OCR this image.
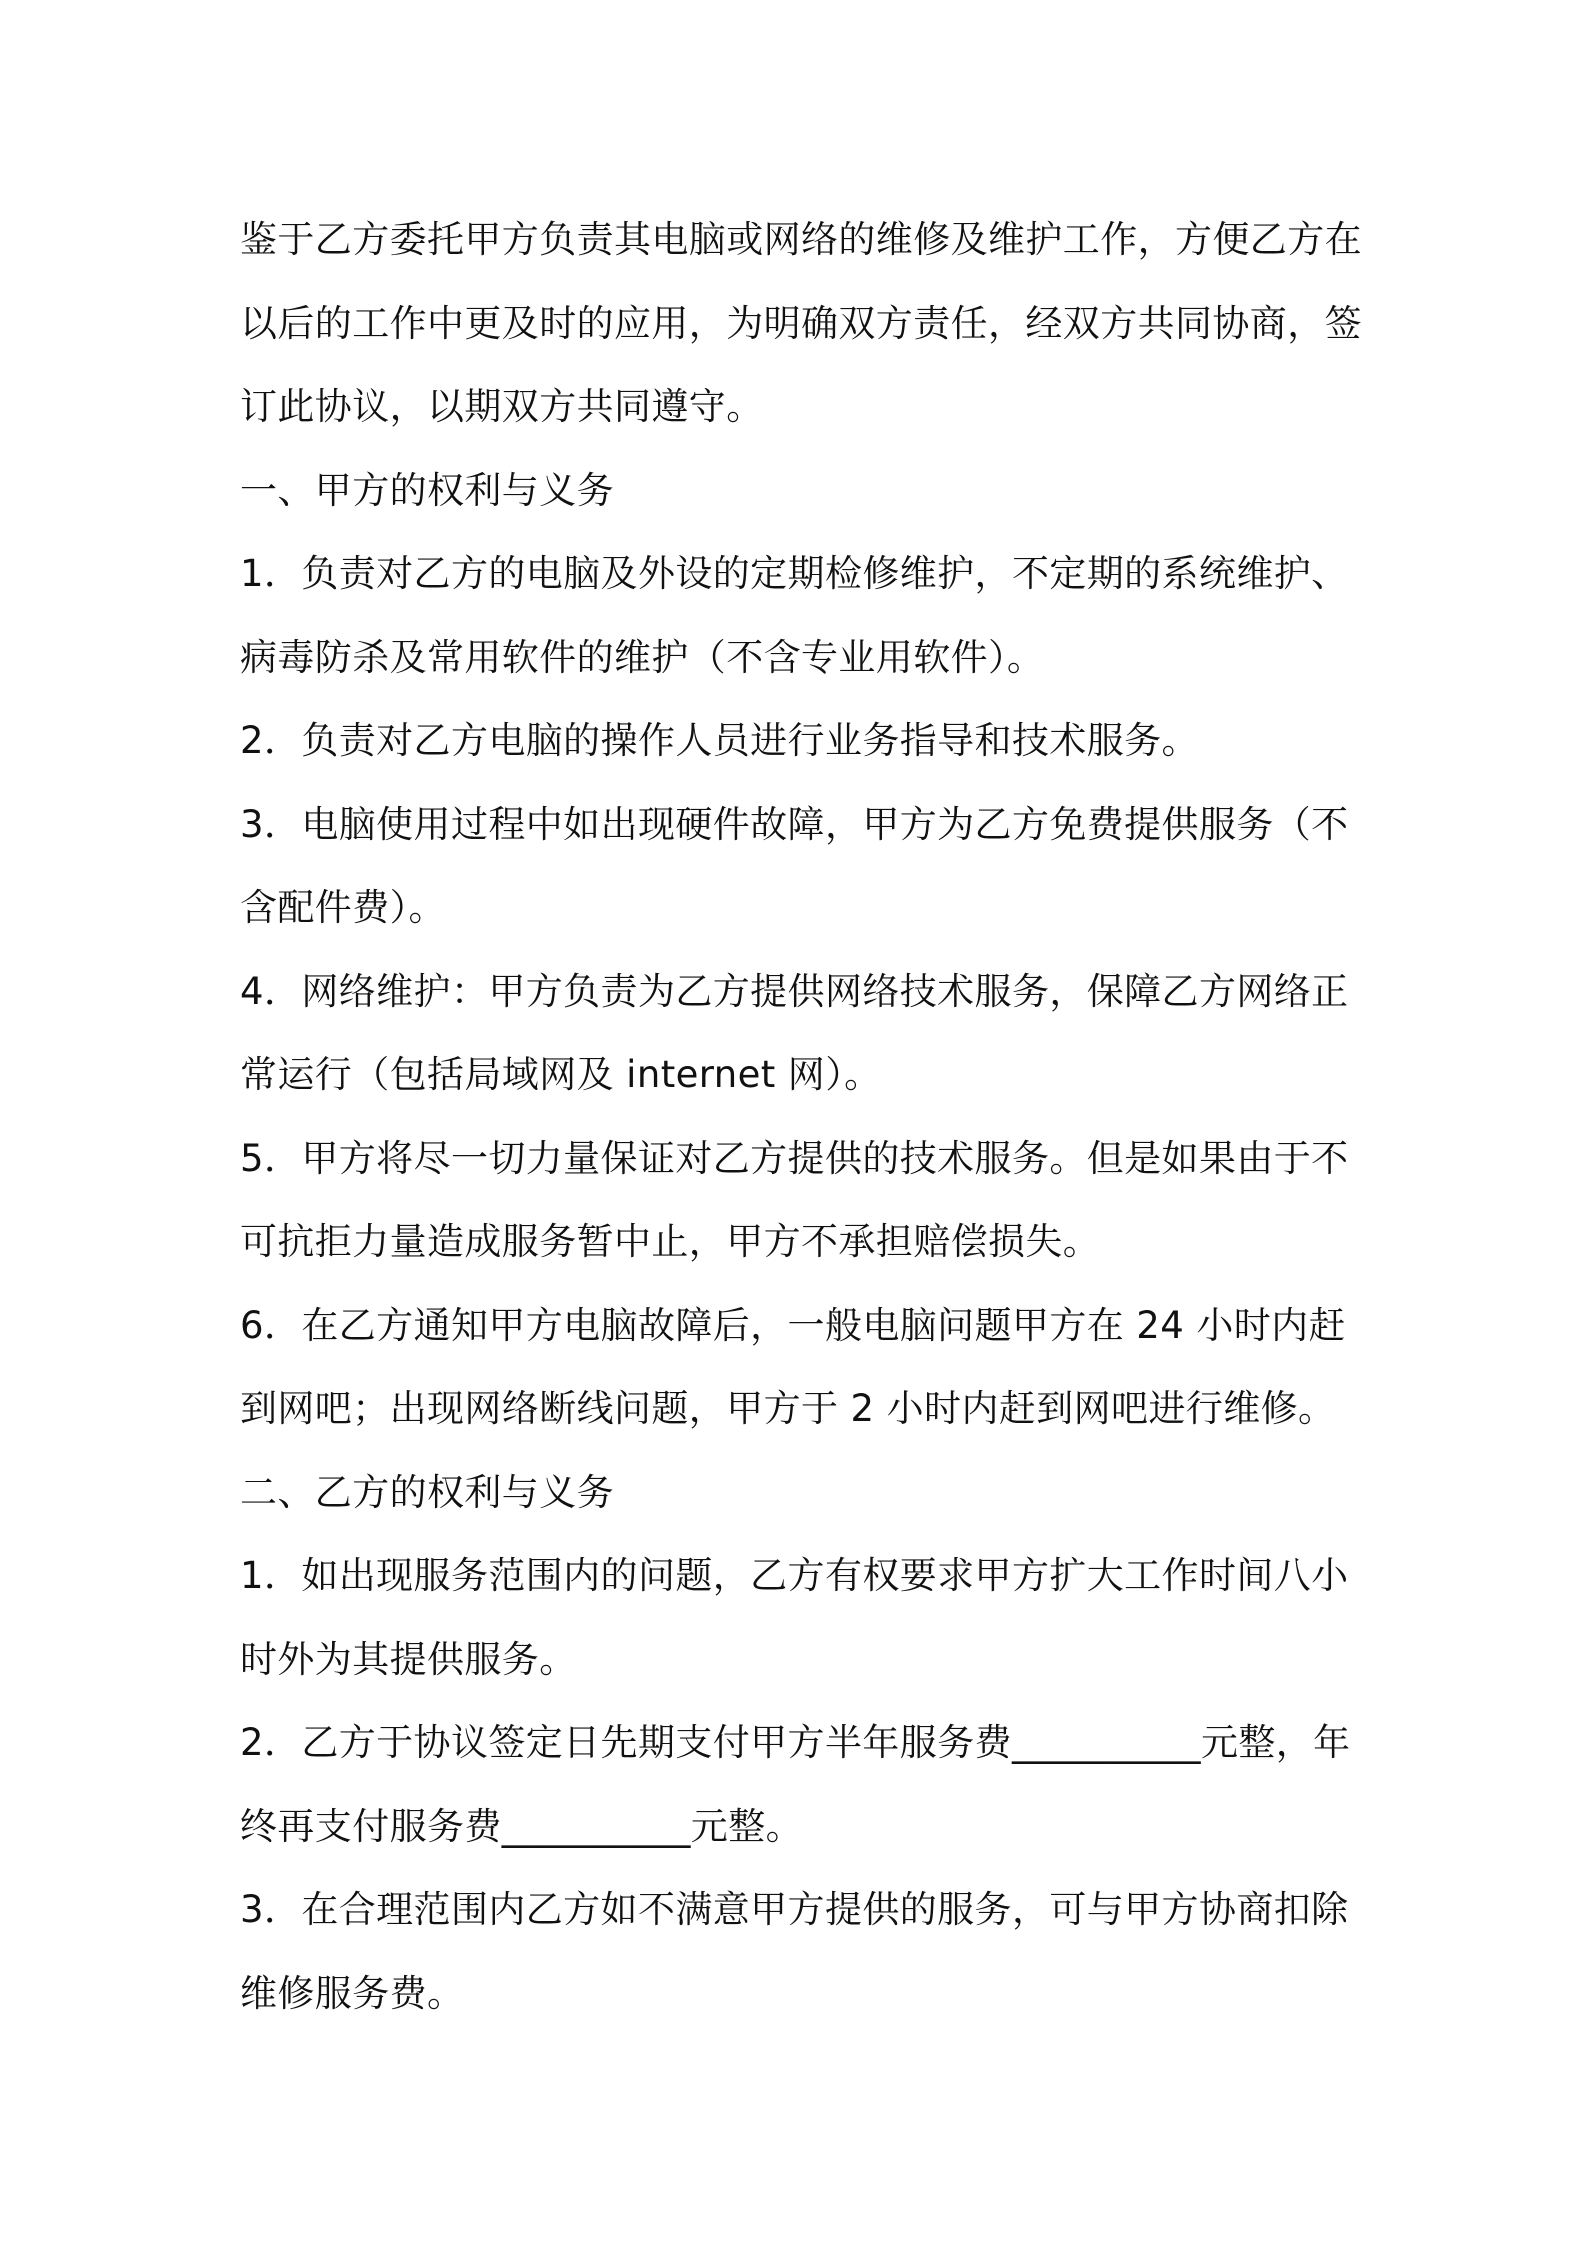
鉴于乙方委托甲方负责其电脑或网络的维修及维护工作，方便乙方在
以后的工作中更及时的应用，为明确双方责任，经双方共同协商，签
订此协议，以期双方共同遵守。
一、甲方的权利与义务
1．负责对乙方的电脑及外设的定期检修维护，不定期的系统维护、
病毒防杀及常用软件的维护（不含专业用软件）。
2．负责对乙方电脑的操作人员进行业务指导和技术服务。
3．电脑使用过程中如出现硬件故障，甲方为乙方免费提供服务（不
含配件费）。
4．网络维护：甲方负责为乙方提供网络技术服务，保障乙方网络正
常运行（包括局域网及 internet 网）。
5．甲方将尽一切力量保证对乙方提供的技术服务。但是如果由于不
可抗拒力量造成服务暂中止，甲方不承担赔偿损失。
6．在乙方通知甲方电脑故障后，一般电脑问题甲方在 24 小时内赶
到网吧；出现网络断线问题，甲方于 2 小时内赶到网吧进行维修。
二、乙方的权利与义务
1．如出现服务范围内的问题，乙方有权要求甲方扩大工作时间八小
时外为其提供服务。
2．乙方于协议签定日先期支付甲方半年服务费__________元整，年
终再支付服务费__________元整。
3．在合理范围内乙方如不满意甲方提供的服务，可与甲方协商扣除
维修服务费。
